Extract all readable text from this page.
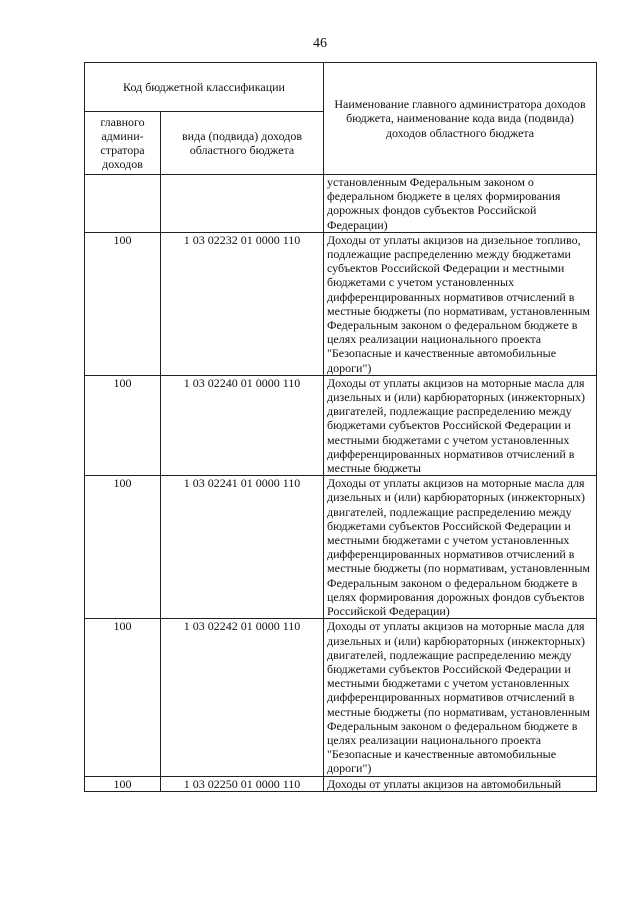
46
Код бюджетной классификации		Наименование главного администратора доходов бюджета, наименование кода вида (подвида) доходов областного бюджета
главного админи-стратора доходов	вида (подвида) доходов областного бюджета	
		установленным Федеральным законом о федеральном бюджете в целях формирования дорожных фондов субъектов Российской Федерации)
100	1 03 02232 01 0000 110	Доходы от уплаты акцизов на дизельное топливо, подлежащие распределению между бюджетами субъектов Российской Федерации и местными бюджетами с учетом установленных дифференцированных нормативов отчислений в местные бюджеты (по нормативам, установленным Федеральным законом о федеральном бюджете в целях реализации национального проекта "Безопасные и качественные автомобильные дороги")
100	1 03 02240 01 0000 110	Доходы от уплаты акцизов на моторные масла для дизельных и (или) карбюраторных (инжекторных) двигателей, подлежащие распределению между бюджетами субъектов Российской Федерации и местными бюджетами с учетом установленных дифференцированных нормативов отчислений в местные бюджеты
100	1 03 02241 01 0000 110	Доходы от уплаты акцизов на моторные масла для дизельных и (или) карбюраторных (инжекторных) двигателей, подлежащие распределению между бюджетами субъектов Российской Федерации и местными бюджетами с учетом установленных дифференцированных нормативов отчислений в местные бюджеты (по нормативам, установленным Федеральным законом о федеральном бюджете в целях формирования дорожных фондов субъектов Российской Федерации)
100	1 03 02242 01 0000 110	Доходы от уплаты акцизов на моторные масла для дизельных и (или) карбюраторных (инжекторных) двигателей, подлежащие распределению между бюджетами субъектов Российской Федерации и местными бюджетами с учетом установленных дифференцированных нормативов отчислений в местные бюджеты (по нормативам, установленным Федеральным законом о федеральном бюджете в целях реализации национального проекта "Безопасные и качественные автомобильные дороги")
100	1 03 02250 01 0000 110	Доходы от уплаты акцизов на автомобильный
